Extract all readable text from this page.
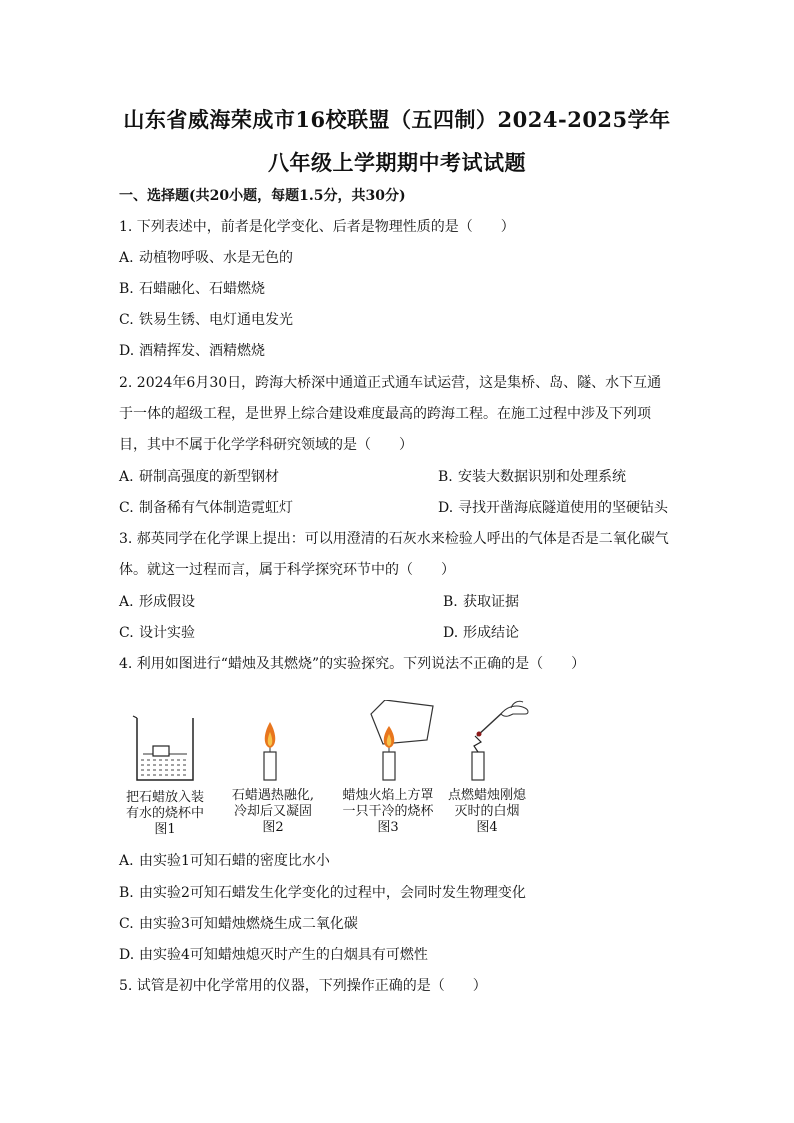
山东省威海荣成市16校联盟（五四制）2024-2025学年
八年级上学期期中考试试题
一、选择题(共20小题，每题1.5分，共30分)
1. 下列表述中，前者是化学变化、后者是物理性质的是（　　）
A. 动植物呼吸、水是无色的
B. 石蜡融化、石蜡燃烧
C. 铁易生锈、电灯通电发光
D. 酒精挥发、酒精燃烧
2. 2024年6月30日，跨海大桥深中通道正式通车试运营，这是集桥、岛、隧、水下互通
于一体的超级工程，是世界上综合建设难度最高的跨海工程。在施工过程中涉及下列项
目，其中不属于化学学科研究领域的是（　　）
A. 研制高强度的新型钢材	B. 安装大数据识别和处理系统
C. 制备稀有气体制造霓虹灯	D. 寻找开凿海底隧道使用的坚硬钻头
3. 郝英同学在化学课上提出：可以用澄清的石灰水来检验人呼出的气体是否是二氧化碳气
体。就这一过程而言，属于科学探究环节中的（　　）
A. 形成假设	B. 获取证据
C. 设计实验	D. 形成结论
4. 利用如图进行“蜡烛及其燃烧”的实验探究。下列说法不正确的是（　　）
把石蜡放入装
有水的烧杯中
图1
石蜡遇热融化,
冷却后又凝固
图2
蜡烛火焰上方罩
一只干冷的烧杯
图3
点燃蜡烛刚熄
灭时的白烟
图4
A. 由实验1可知石蜡的密度比水小
B. 由实验2可知石蜡发生化学变化的过程中，会同时发生物理变化
C. 由实验3可知蜡烛燃烧生成二氧化碳
D. 由实验4可知蜡烛熄灭时产生的白烟具有可燃性
5. 试管是初中化学常用的仪器，下列操作正确的是（　　）
